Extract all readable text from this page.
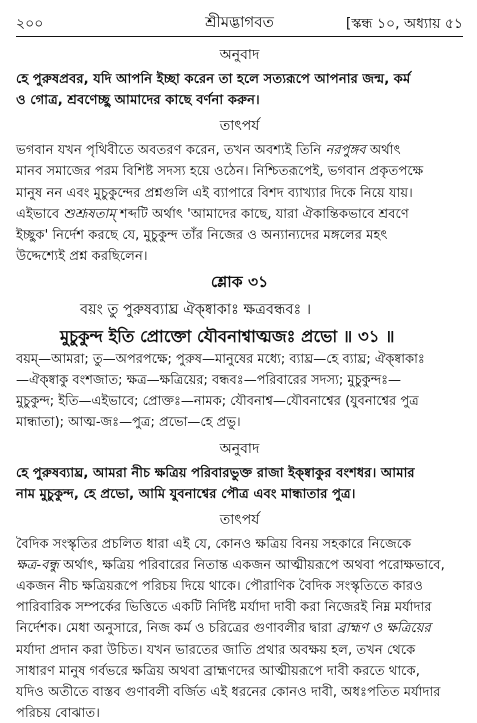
২০০	শ্রীমদ্ভাগবত	[স্কন্ধ ১০, অধ্যায় ৫১
অনুবাদ
হে পুরুষপ্রবর, যদি আপনি ইচ্ছা করেন তা হলে সত্যরূপে আপনার জন্ম, কর্ম
ও গোত্র, শ্রবণেচ্ছু আমাদের কাছে বর্ণনা করুন।
তাৎপর্য
ভগবান যখন পৃথিবীতে অবতরণ করেন, তখন অবশ্যই তিনি নরপুঙ্গব অর্থাৎ
মানব সমাজের পরম বিশিষ্ট সদস্য হয়ে ওঠেন। নিশ্চিতরূপেই, ভগবান প্রকৃতপক্ষে
মানুষ নন এবং মুচুকুন্দের প্রশ্নগুলি এই ব্যাপারে বিশদ ব্যাখ্যার দিকে নিয়ে যায়।
এইভাবে শুশ্রূষতাম্ শব্দটি অর্থাৎ 'আমাদের কাছে, যারা ঐকান্তিকভাবে শ্রবণে
ইচ্ছুক' নির্দেশ করছে যে, মুচুকুন্দ তাঁর নিজের ও অন্যান্যদের মঙ্গলের মহৎ
উদ্দেশ্যেই প্রশ্ন করছিলেন।
শ্লোক ৩১
বয়ং তু পুরুষব্যাঘ্র ঐক্ষ্বাকাঃ ক্ষত্রবন্ধবঃ ।
মুচুকুন্দ ইতি প্রোক্তো যৌবনাশ্বাত্মজঃ প্রভো ॥ ৩১ ॥
বয়ম্—আমরা; তু—অপরপক্ষে; পুরুষ—মানুষের মধ্যে; ব্যাঘ্র—হে ব্যাঘ্র; ঐক্ষ্বাকাঃ
—ঐক্ষ্বাকু বংশজাত; ক্ষত্র—ক্ষত্রিয়ের; বন্ধবঃ—পরিবারের সদস্য; মুচুকুন্দঃ—
মুচুকুন্দ; ইতি—এইভাবে; প্রোক্তঃ—নামক; যৌবনাশ্ব—যৌবনাশ্বের (যুবনাশ্বের পুত্র
মান্ধাতা); আত্ম-জঃ—পুত্র; প্রভো—হে প্রভু।
অনুবাদ
হে পুরুষব্যাঘ্র, আমরা নীচ ক্ষত্রিয় পরিবারভুক্ত রাজা ইক্ষ্বাকুর বংশধর। আমার
নাম মুচুকুন্দ, হে প্রভো, আমি যুবনাশ্বের পৌত্র এবং মান্ধাতার পুত্র।
তাৎপর্য
বৈদিক সংস্কৃতির প্রচলিত ধারা এই যে, কোনও ক্ষত্রিয় বিনয় সহকারে নিজেকে
ক্ষত্র-বন্ধু অর্থাৎ, ক্ষত্রিয় পরিবারের নিতান্ত একজন আত্মীয়রূপে অথবা পরোক্ষভাবে,
একজন নীচ ক্ষত্রিয়রূপে পরিচয় দিয়ে থাকে। পৌরাণিক বৈদিক সংস্কৃতিতে কারও
পারিবারিক সম্পর্কের ভিত্তিতে একটি নির্দিষ্ট মর্যাদা দাবী করা নিজেরই নিম্ন মর্যাদার
নির্দেশক। মেধা অনুসারে, নিজ কর্ম ও চরিত্রের গুণাবলীর দ্বারা ব্রাহ্মণ ও ক্ষত্রিয়ের
মর্যাদা প্রদান করা উচিত। যখন ভারতের জাতি প্রথার অবক্ষয় হল, তখন থেকে
সাধারণ মানুষ গর্বভরে ক্ষত্রিয় অথবা ব্রাহ্মণদের আত্মীয়রূপে দাবী করতে থাকে,
যদিও অতীতে বাস্তব গুণাবলী বর্জিত এই ধরনের কোনও দাবী, অধঃপতিত মর্যাদার
পরিচয় বোঝাত।
